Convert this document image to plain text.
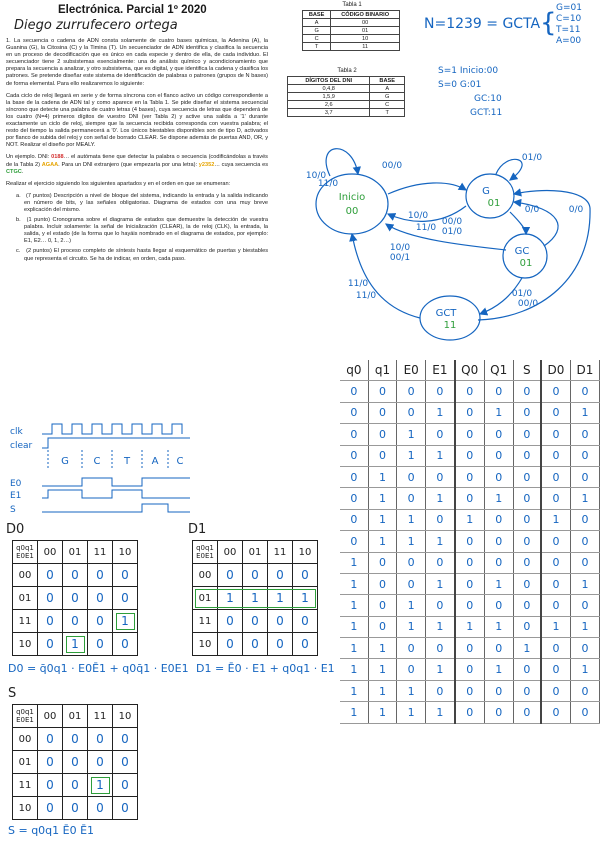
Electrónica. Parcial 1º 2020
Diego zurrufecero ortega

1. La secuencia o cadena de ADN consta solamente de cuatro bases químicas, la Adenina (A), la Guanina (G), la Citosina (C) y la Timina (T). Un secuenciador de ADN identifica y clasifica la secuencia en un proceso de decodificación que es único en cada especie y dentro de ella, de cada individuo. El secuenciador tiene 2 subsistemas esencialmente: una de análisis químico y acondicionamiento que prepara la secuencia a analizar, y otro subsistema, que es digital, y que identifica la cadena y clasifica los patrones. Se pretende diseñar este sistema de identificación de palabras o patrones (grupos de N bases) de forma elemental. Para ello realizaremos lo siguiente:

Cada ciclo de reloj llegará en serie y de forma síncrona con el flanco activo un código correspondiente a la base de la cadena de ADN tal y como aparece en la Tabla 1. Se pide diseñar el sistema secuencial síncrono que detecte una palabra de cuatro letras (4 bases), cuya secuencia de letras que dependerá de los cuatro (N=4) primeros dígitos de vuestro DNI (ver Tabla 2) y active una salida a '1' durante exactamente un ciclo de reloj, siempre que la secuencia recibida corresponda con vuestra palabra; el resto del tiempo la salida permanecerá a '0'. Los únicos biestables disponibles son de tipo D, activados por flanco de subida del reloj y con señal de borrado CLEAR. Se dispone además de puertas AND, OR, y NOT. Realizar el diseño por MEALY.

Un ejemplo. DNI: 0188… el autómata tiene que detectar la palabra o secuencia (codificándolas a través de la Tabla 2) AGAA. Para un DNI extranjero (que empezaría por una letra): y2352… cuya secuencia es CTGC.

Realizar el ejercicio siguiendo los siguientes apartados y en el orden en que se enumeran:

a. (7 puntos) Descripción a nivel de bloque del sistema, indicando la entrada y la salida indicando en número de bits, y las señales obligatorias. Diagrama de estados con una muy breve explicación del mismo.
b. (1 punto) Cronograma sobre el diagrama de estados que demuestre la detección de vuestra palabra. Incluir solamente: la señal de Inicialización (CLEAR), la de reloj (CLK), la entrada, la salida, y el estado (de la forma que lo hayáis nombrado en el diagrama de estados, por ejemplo: E1, E2… 0, 1, 2…)
c. (2 puntos) El proceso completo de síntesis hasta llegar al esquemático de puertas y biestables que representa el circuito. Se ha de indicar, en orden, cada paso.
Tabla 1
BASE	CÓDIGO BINARIO
A	00
G	01
C	10
T	11
Tabla 2
DÍGITOS DEL DNI	BASE
0,4,8	A
1,5,9	G
2,6	C
3,7	T
N=1239 = GCTA { G=01
C=10
T=11
A=00
S=1 Inicio:00
S=0 G:01
GC:10
GCT:11
10/0
11/0
00/0
01/0
0/0
10/0
11/0
00/0
01/0
0/0
10/0
00/1
11/0
11/0	01/0
00/0
Inicio
00
G
01
GC
01
GCT
11
clk
clear
E0
E1
S
G C T A C
D0
q0q1
E0E1	00	01	11	10
00	0	0	0	0
01	0	0	0	0
11	0	0	0	1
10	0	1	0	0
D0 = q̄0q1 · E0Ē1 + q0q̄1 · E0E1
D1
q0q1
E0E1	00	01	11	10
00	0	0	0	0
01	1	1	1	1
11	0	0	0	0
10	0	0	0	0
D1 = Ē0 · E1 + q0q1 · E1
S
q0q1
E0E1	00	01	11	10
00	0	0	0	0
01	0	0	0	0
11	0	0	1	0
10	0	0	0	0
S = q0q1 Ē0 Ē1
q0	q1	E0	E1	Q0	Q1	S	D0	D1
0	0	0	0	0	0	0	0	0
0	0	0	1	0	1	0	0	1
0	0	1	0	0	0	0	0	0
0	0	1	1	0	0	0	0	0
0	1	0	0	0	0	0	0	0
0	1	0	1	0	1	0	0	1
0	1	1	0	1	0	0	1	0
0	1	1	1	0	0	0	0	0
1	0	0	0	0	0	0	0	0
1	0	0	1	0	1	0	0	1
1	0	1	0	0	0	0	0	0
1	0	1	1	1	1	0	1	1
1	1	0	0	0	0	1	0	0
1	1	0	1	0	1	0	0	1
1	1	1	0	0	0	0	0	0
1	1	1	1	0	0	0	0	0
